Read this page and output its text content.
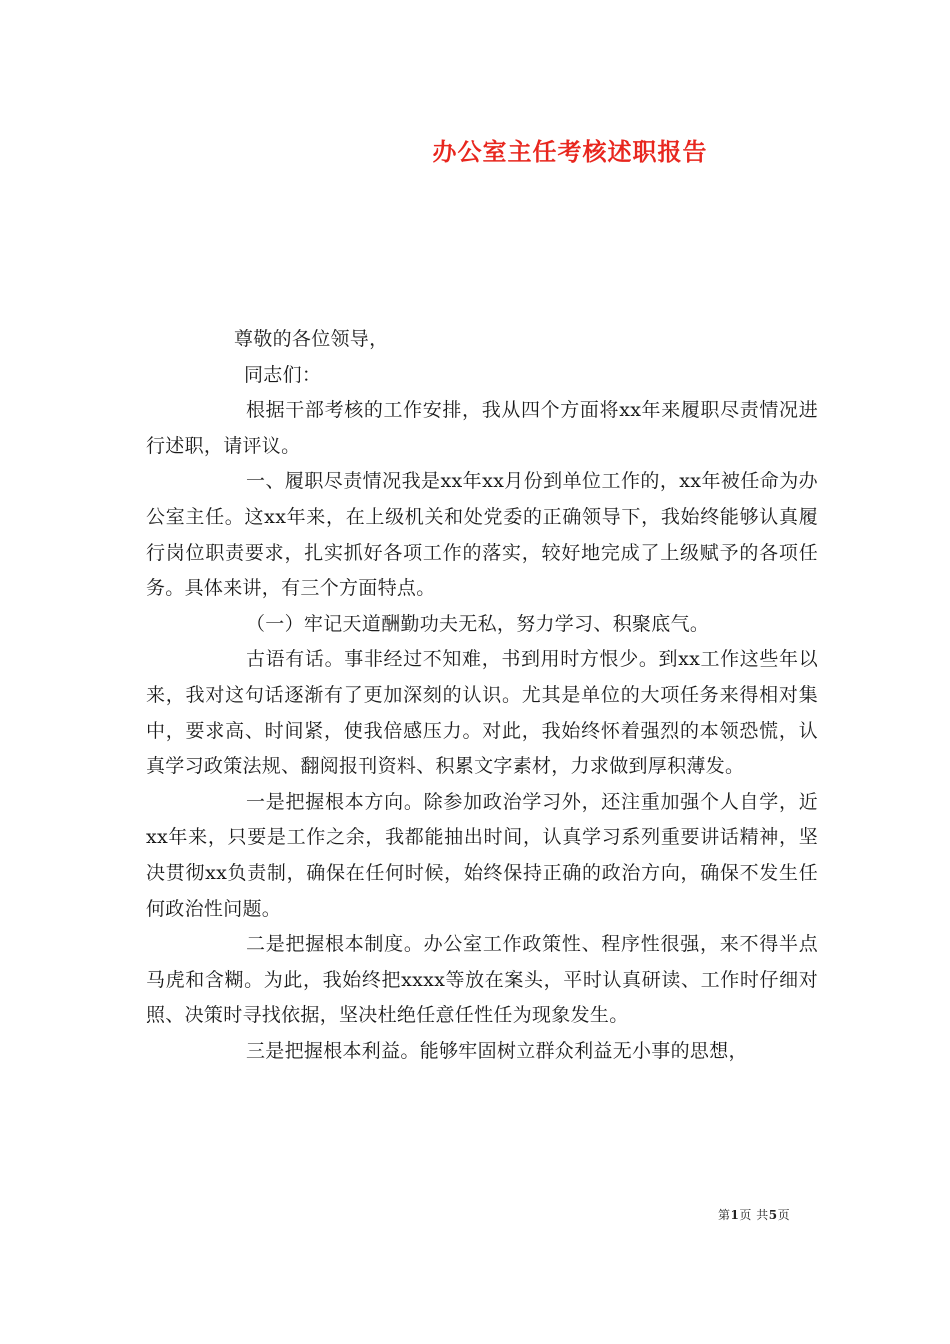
办公室主任考核述职报告

尊敬的各位领导，

同志们：

根据干部考核的工作安排，我从四个方面将xx年来履职尽责情况进行述职，请评议。

一、履职尽责情况我是xx年xx月份到单位工作的，xx年被任命为办公室主任。这xx年来，在上级机关和处党委的正确领导下，我始终能够认真履行岗位职责要求，扎实抓好各项工作的落实，较好地完成了上级赋予的各项任务。具体来讲，有三个方面特点。

（一）牢记天道酬勤功夫无私，努力学习、积聚底气。

古语有话。事非经过不知难，书到用时方恨少。到xx工作这些年以来，我对这句话逐渐有了更加深刻的认识。尤其是单位的大项任务来得相对集中，要求高、时间紧，使我倍感压力。对此，我始终怀着强烈的本领恐慌，认真学习政策法规、翻阅报刊资料、积累文字素材，力求做到厚积薄发。

一是把握根本方向。除参加政治学习外，还注重加强个人自学，近xx年来，只要是工作之余，我都能抽出时间，认真学习系列重要讲话精神，坚决贯彻xx负责制，确保在任何时候，始终保持正确的政治方向，确保不发生任何政治性问题。

二是把握根本制度。办公室工作政策性、程序性很强，来不得半点马虎和含糊。为此，我始终把xxxx等放在案头，平时认真研读、工作时仔细对照、决策时寻找依据，坚决杜绝任意任性任为现象发生。

三是把握根本利益。能够牢固树立群众利益无小事的思想，

第1页 共5页
